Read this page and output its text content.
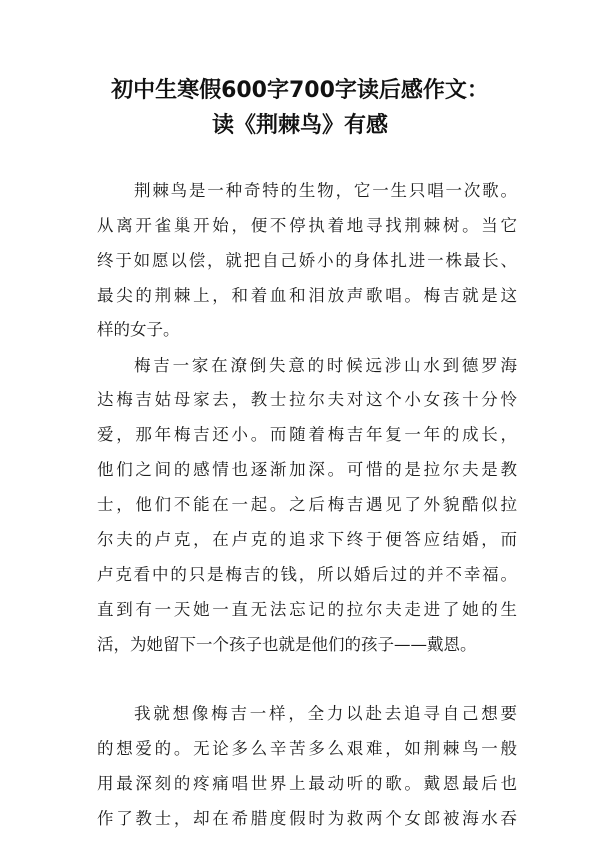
初中生寒假600字700字读后感作文：
读《荆棘鸟》有感
荆棘鸟是一种奇特的生物，它一生只唱一次歌。
从离开雀巢开始，便不停执着地寻找荆棘树。当它
终于如愿以偿，就把自己娇小的身体扎进一株最长、
最尖的荆棘上，和着血和泪放声歌唱。梅吉就是这
样的女子。
梅吉一家在潦倒失意的时候远涉山水到德罗海
达梅吉姑母家去，教士拉尔夫对这个小女孩十分怜
爱，那年梅吉还小。而随着梅吉年复一年的成长，
他们之间的感情也逐渐加深。可惜的是拉尔夫是教
士，他们不能在一起。之后梅吉遇见了外貌酷似拉
尔夫的卢克，在卢克的追求下终于便答应结婚，而
卢克看中的只是梅吉的钱，所以婚后过的并不幸福。
直到有一天她一直无法忘记的拉尔夫走进了她的生
活，为她留下一个孩子也就是他们的孩子——戴恩。
我就想像梅吉一样，全力以赴去追寻自己想要
的想爱的。无论多么辛苦多么艰难，如荆棘鸟一般
用最深刻的疼痛唱世界上最动听的歌。戴恩最后也
作了教士，却在希腊度假时为救两个女郎被海水吞
